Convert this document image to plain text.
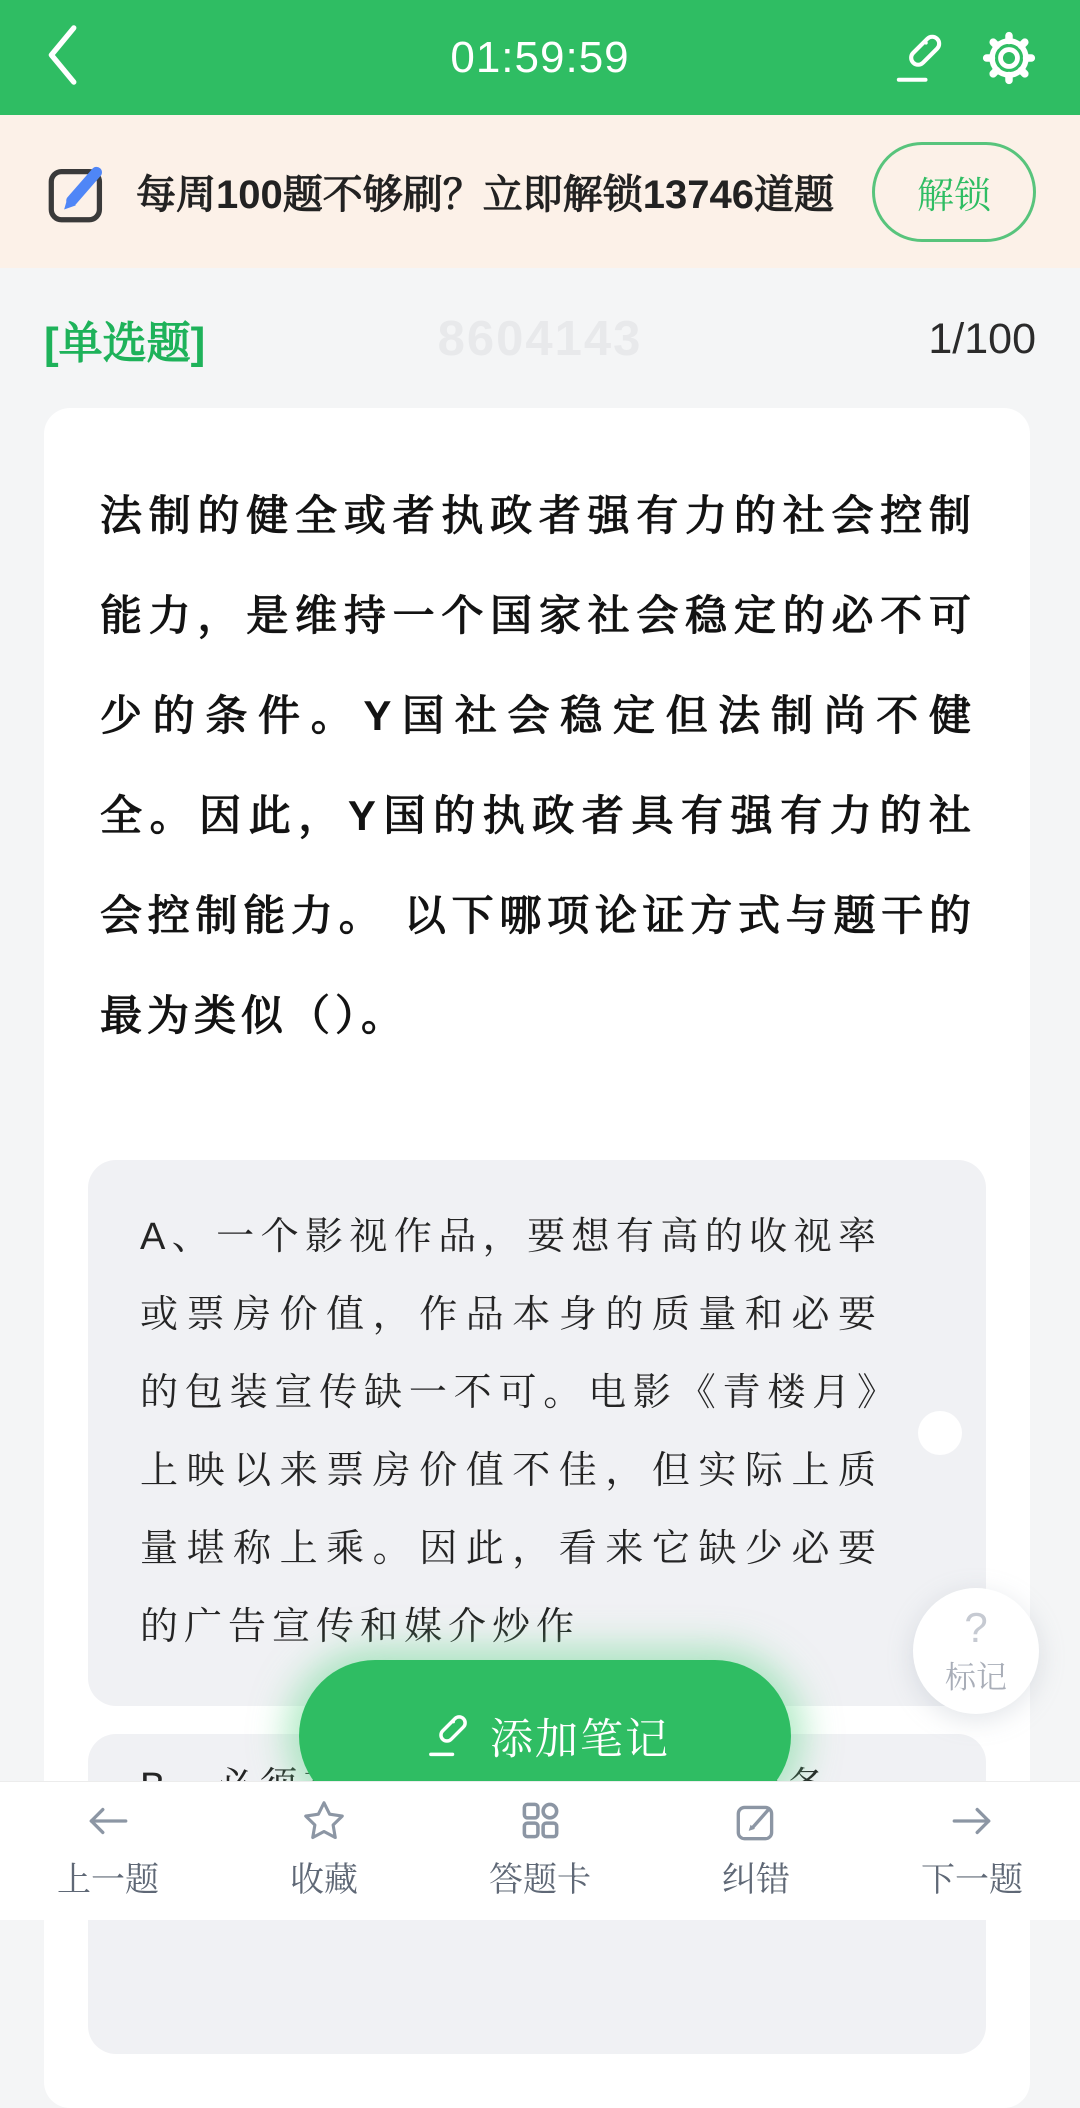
01:59:59
每周100题不够刷？立即解锁13746道题	解锁
8604143
[单选题]	1/100
法制的健全或者执政者强有力的社会控制能力，是维持一个国家社会稳定的必不可少的条件。Y国社会稳定但法制尚不健全。因此，Y国的执政者具有强有力的社会控制能力。 以下哪项论证方式与题干的最为类似（）。
A、一个影视作品，要想有高的收视率或票房价值，作品本身的质量和必要的包装宣传缺一不可。电影《青楼月》上映以来票房价值不佳，但实际上质量堪称上乘。因此，看来它缺少必要的广告宣传和媒介炒作	?
标记
添加笔记
上一题	收藏	答题卡	纠错	下一题
